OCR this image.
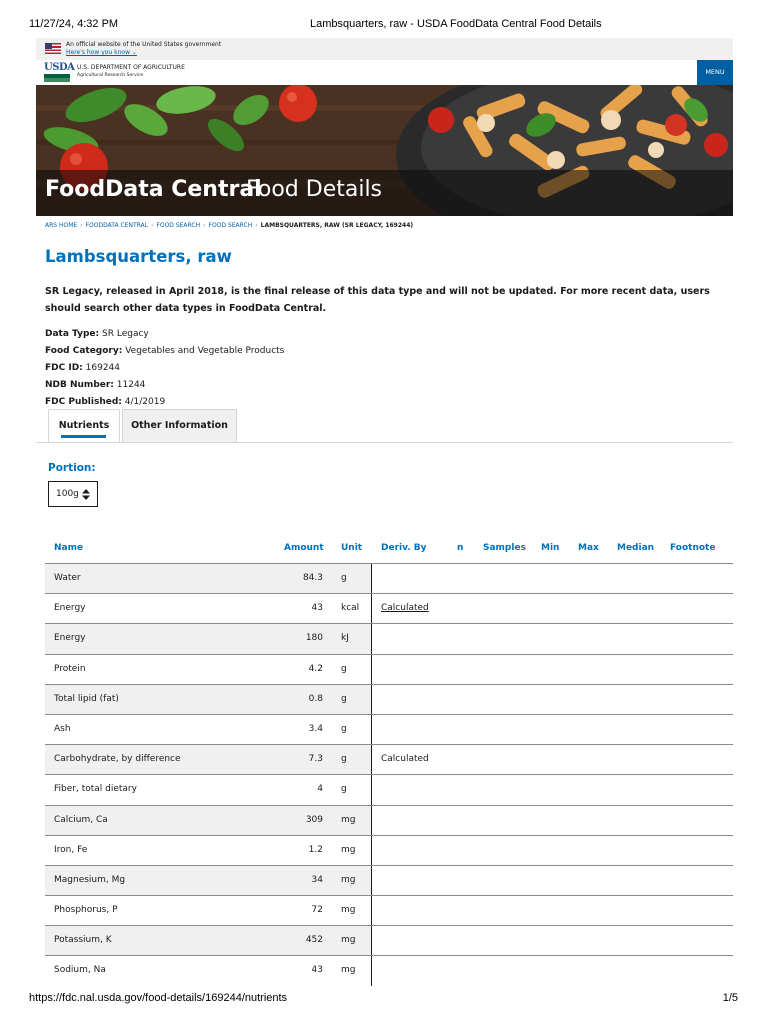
11/27/24, 4:32 PM	Lambsquarters, raw - USDA FoodData Central Food Details
An official website of the United States government
Here's how you know ⌄
USDA U.S. DEPARTMENT OF AGRICULTURE
Agricultural Research Service	MENU
FoodData Central
Food Details
ARS HOME › FOODDATA CENTRAL › FOOD SEARCH › FOOD SEARCH › LAMBSQUARTERS, RAW (SR LEGACY, 169244)
Lambsquarters, raw
SR Legacy, released in April 2018, is the final release of this data type and will not be updated. For more recent data, users should search other data types in FoodData Central.
Data Type: SR Legacy
Food Category: Vegetables and Vegetable Products
FDC ID: 169244
NDB Number: 11244
FDC Published: 4/1/2019
Nutrients	Other Information
Portion:
100g
Name	Amount Unit Deriv. By	n Samples Min Max Median Footnote
Water	84.3 g
Energy	43 kcal Calculated
Energy	180 kJ
Protein	4.2 g
Total lipid (fat)	0.8 g
Ash	3.4 g
Carbohydrate, by difference	7.3 g	Calculated
Fiber, total dietary	4 g
Calcium, Ca	309 mg
Iron, Fe	1.2 mg
Magnesium, Mg	34 mg
Phosphorus, P	72 mg
Potassium, K	452 mg
Sodium, Na	43 mg
https://fdc.nal.usda.gov/food-details/169244/nutrients	1/5
